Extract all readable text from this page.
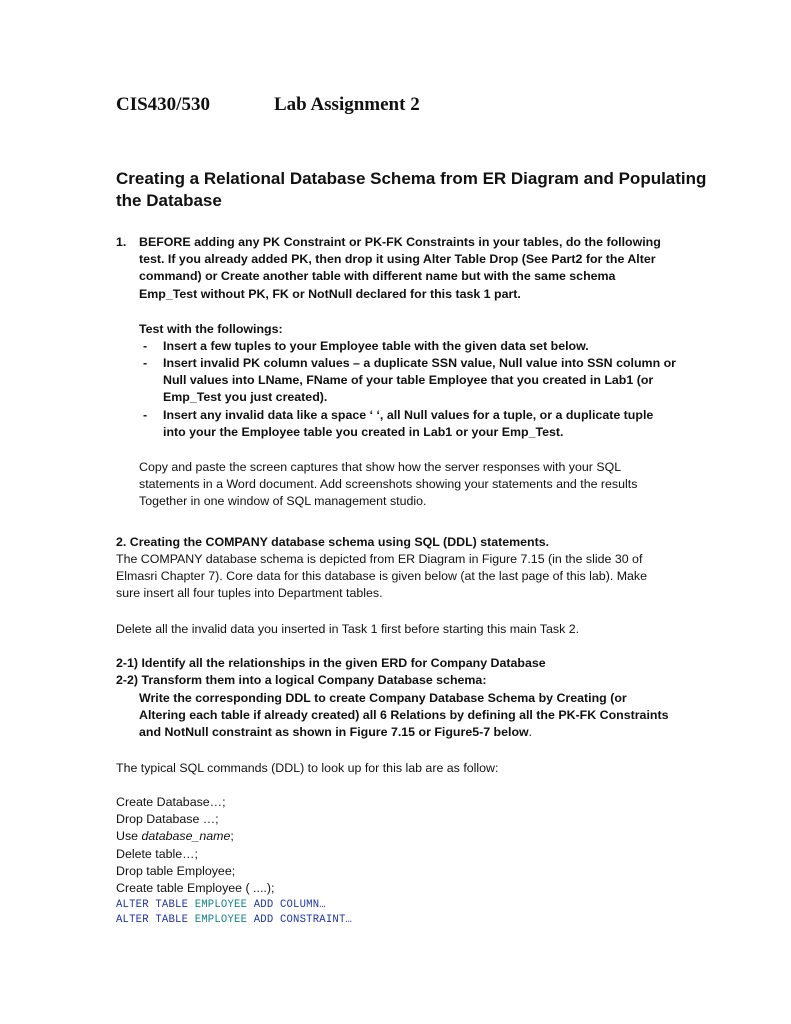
CIS430/530	Lab Assignment 2
Creating a Relational Database Schema from ER Diagram and Populating
the Database
1. BEFORE adding any PK Constraint or PK-FK Constraints in your tables, do the following
test. If you already added PK, then drop it using Alter Table Drop (See Part2 for the Alter
command) or Create another table with different name but with the same schema
Emp_Test without PK, FK or NotNull declared for this task 1 part.
Test with the followings:
- Insert a few tuples to your Employee table with the given data set below.
- Insert invalid PK column values – a duplicate SSN value, Null value into SSN column or
Null values into LName, FName of your table Employee that you created in Lab1 (or
Emp_Test you just created).
- Insert any invalid data like a space ‘ ‘, all Null values for a tuple, or a duplicate tuple
into your the Employee table you created in Lab1 or your Emp_Test.
Copy and paste the screen captures that show how the server responses with your SQL
statements in a Word document. Add screenshots showing your statements and the results
Together in one window of SQL management studio.
2. Creating the COMPANY database schema using SQL (DDL) statements.
The COMPANY database schema is depicted from ER Diagram in Figure 7.15 (in the slide 30 of
Elmasri Chapter 7). Core data for this database is given below (at the last page of this lab). Make
sure insert all four tuples into Department tables.
Delete all the invalid data you inserted in Task 1 first before starting this main Task 2.
2-1) Identify all the relationships in the given ERD for Company Database
2-2) Transform them into a logical Company Database schema:
Write the corresponding DDL to create Company Database Schema by Creating (or
Altering each table if already created) all 6 Relations by defining all the PK-FK Constraints
and NotNull constraint as shown in Figure 7.15 or Figure5-7 below.
The typical SQL commands (DDL) to look up for this lab are as follow:
Create Database…;
Drop Database …;
Use database_name;
Delete table…;
Drop table Employee;
Create table Employee ( ....);
ALTER TABLE EMPLOYEE ADD COLUMN…
ALTER TABLE EMPLOYEE ADD CONSTRAINT…
